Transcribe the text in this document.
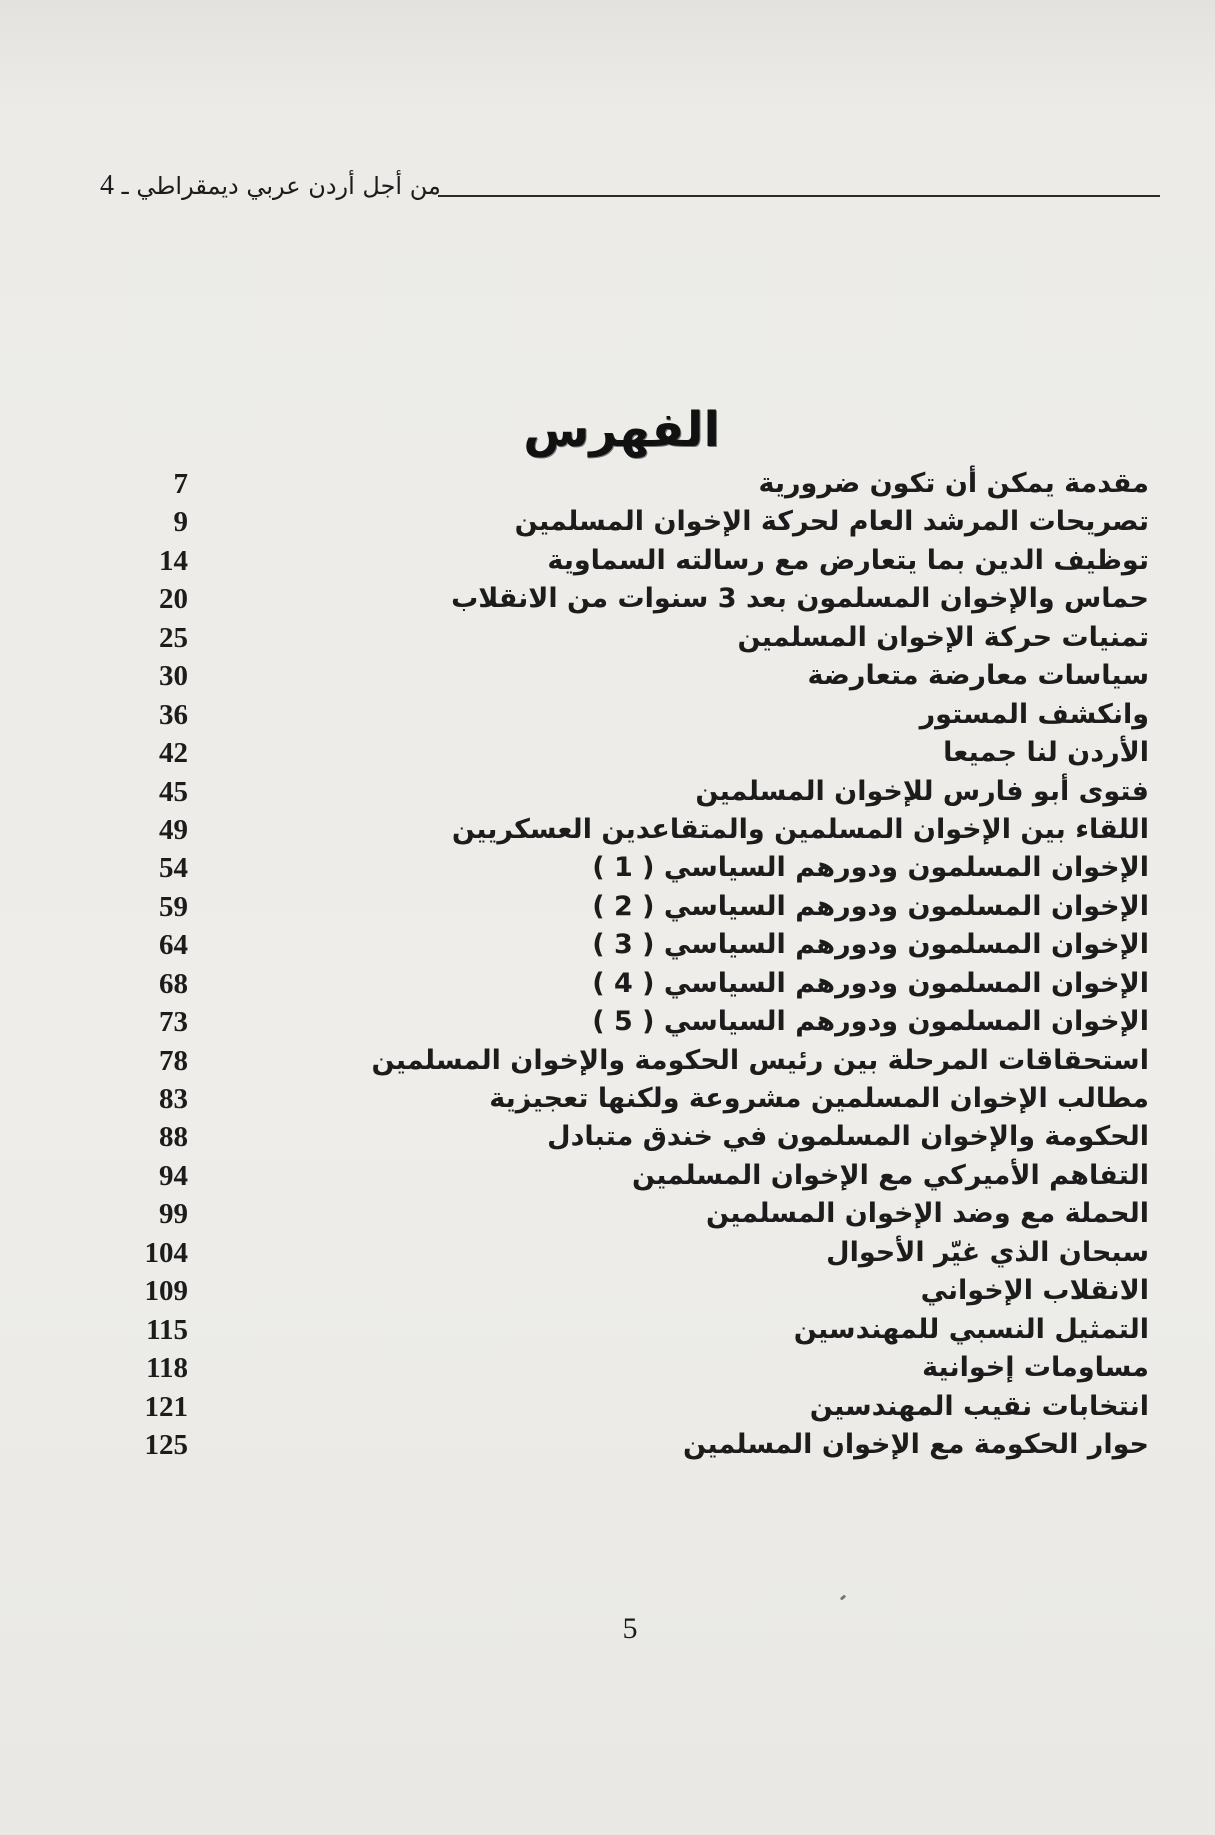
4 ـ من أجل أردن عربي ديمقراطي
الفهرس
مقدمة يمكن أن تكون ضرورية
7
تصريحات المرشد العام لحركة الإخوان المسلمين
9
توظيف الدين بما يتعارض مع رسالته السماوية
14
حماس والإخوان المسلمون بعد 3 سنوات من الانقلاب
20
تمنيات حركة الإخوان المسلمين
25
سياسات معارضة متعارضة
30
وانكشف المستور
36
الأردن لنا جميعا
42
فتوى أبو فارس للإخوان المسلمين
45
اللقاء بين الإخوان المسلمين والمتقاعدين العسكريين
49
الإخوان المسلمون ودورهم السياسي ( 1 )
54
الإخوان المسلمون ودورهم السياسي ( 2 )
59
الإخوان المسلمون ودورهم السياسي ( 3 )
64
الإخوان المسلمون ودورهم السياسي ( 4 )
68
الإخوان المسلمون ودورهم السياسي ( 5 )
73
استحقاقات المرحلة بين رئيس الحكومة والإخوان المسلمين
78
مطالب الإخوان المسلمين مشروعة ولكنها تعجيزية
83
الحكومة والإخوان المسلمون في خندق متبادل
88
التفاهم الأميركي مع الإخوان المسلمين
94
الحملة مع وضد الإخوان المسلمين
99
سبحان الذي غيّر الأحوال
104
الانقلاب الإخواني
109
التمثيل النسبي للمهندسين
115
مساومات إخوانية
118
انتخابات نقيب المهندسين
121
حوار الحكومة مع الإخوان المسلمين
125
5
